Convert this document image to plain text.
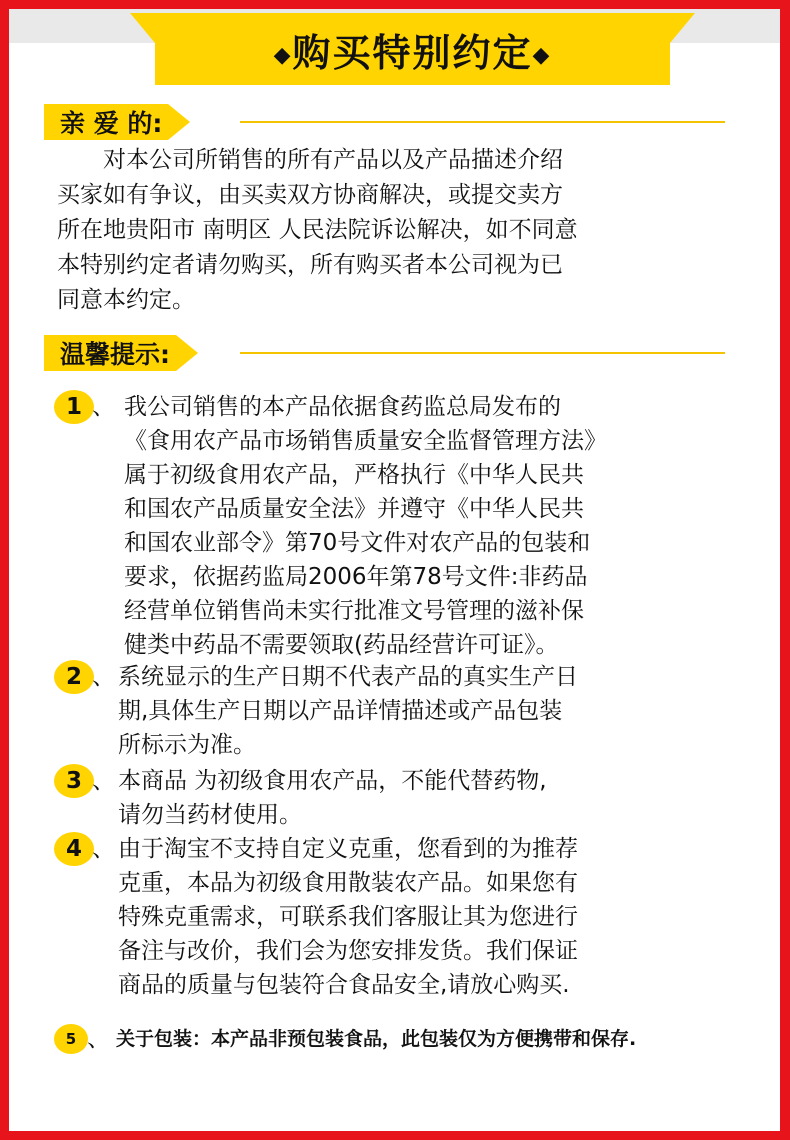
◆购买特别约定◆
亲 爱 的:
对本公司所销售的所有产品以及产品描述介绍
买家如有争议，由买卖双方协商解决，或提交卖方
所在地贵阳市 南明区 人民法院诉讼解决，如不同意
本特别约定者请勿购买，所有购买者本公司视为已
同意本约定。
温馨提示:
1 、 我公司销售的本产品依据食药监总局发布的
《食用农产品市场销售质量安全监督管理方法》
属于初级食用农产品，严格执行《中华人民共
和国农产品质量安全法》并遵守《中华人民共
和国农业部令》第70号文件对农产品的包装和
要求，依据药监局2006年第78号文件:非药品
经营单位销售尚未实行批准文号管理的滋补保
健类中药品不需要领取(药品经营许可证》。
2 、 系统显示的生产日期不代表产品的真实生产日
期,具体生产日期以产品详情描述或产品包装
所标示为准。
3 、 本商品 为初级食用农产品，不能代替药物,
请勿当药材使用。
4 、 由于淘宝不支持自定义克重，您看到的为推荐
克重，本品为初级食用散装农产品。如果您有
特殊克重需求，可联系我们客服让其为您进行
备注与改价，我们会为您安排发货。我们保证
商品的质量与包装符合食品安全,请放心购买.
5 、 关于包装：本产品非预包装食品，此包装仅为方便携带和保存.
